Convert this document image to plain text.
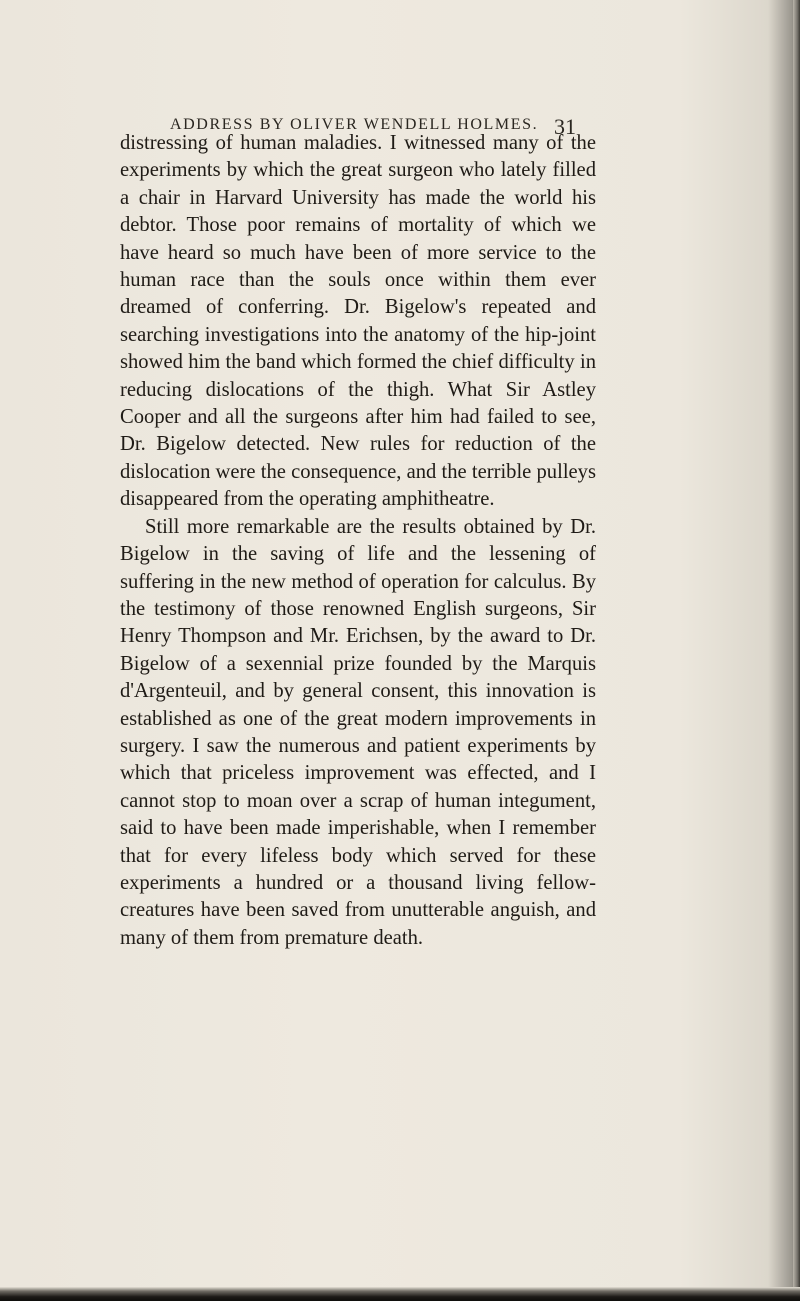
ADDRESS BY OLIVER WENDELL HOLMES. 31

distressing of human maladies. I witnessed many of the experiments by which the great surgeon who lately filled a chair in Harvard University has made the world his debtor. Those poor remains of mortality of which we have heard so much have been of more service to the human race than the souls once within them ever dreamed of conferring. Dr. Bigelow's repeated and searching investigations into the anatomy of the hip-joint showed him the band which formed the chief difficulty in reducing dislocations of the thigh. What Sir Astley Cooper and all the surgeons after him had failed to see, Dr. Bigelow detected. New rules for reduction of the dislocation were the consequence, and the terrible pulleys disappeared from the operating amphitheatre.

Still more remarkable are the results obtained by Dr. Bigelow in the saving of life and the lessening of suffering in the new method of operation for calculus. By the testimony of those renowned English surgeons, Sir Henry Thompson and Mr. Erichsen, by the award to Dr. Bigelow of a sexennial prize founded by the Marquis d'Argenteuil, and by general consent, this innovation is established as one of the great modern improvements in surgery. I saw the numerous and patient experiments by which that priceless improvement was effected, and I cannot stop to moan over a scrap of human integument, said to have been made imperishable, when I remember that for every lifeless body which served for these experiments a hundred or a thousand living fellow-creatures have been saved from unutterable anguish, and many of them from premature death.
